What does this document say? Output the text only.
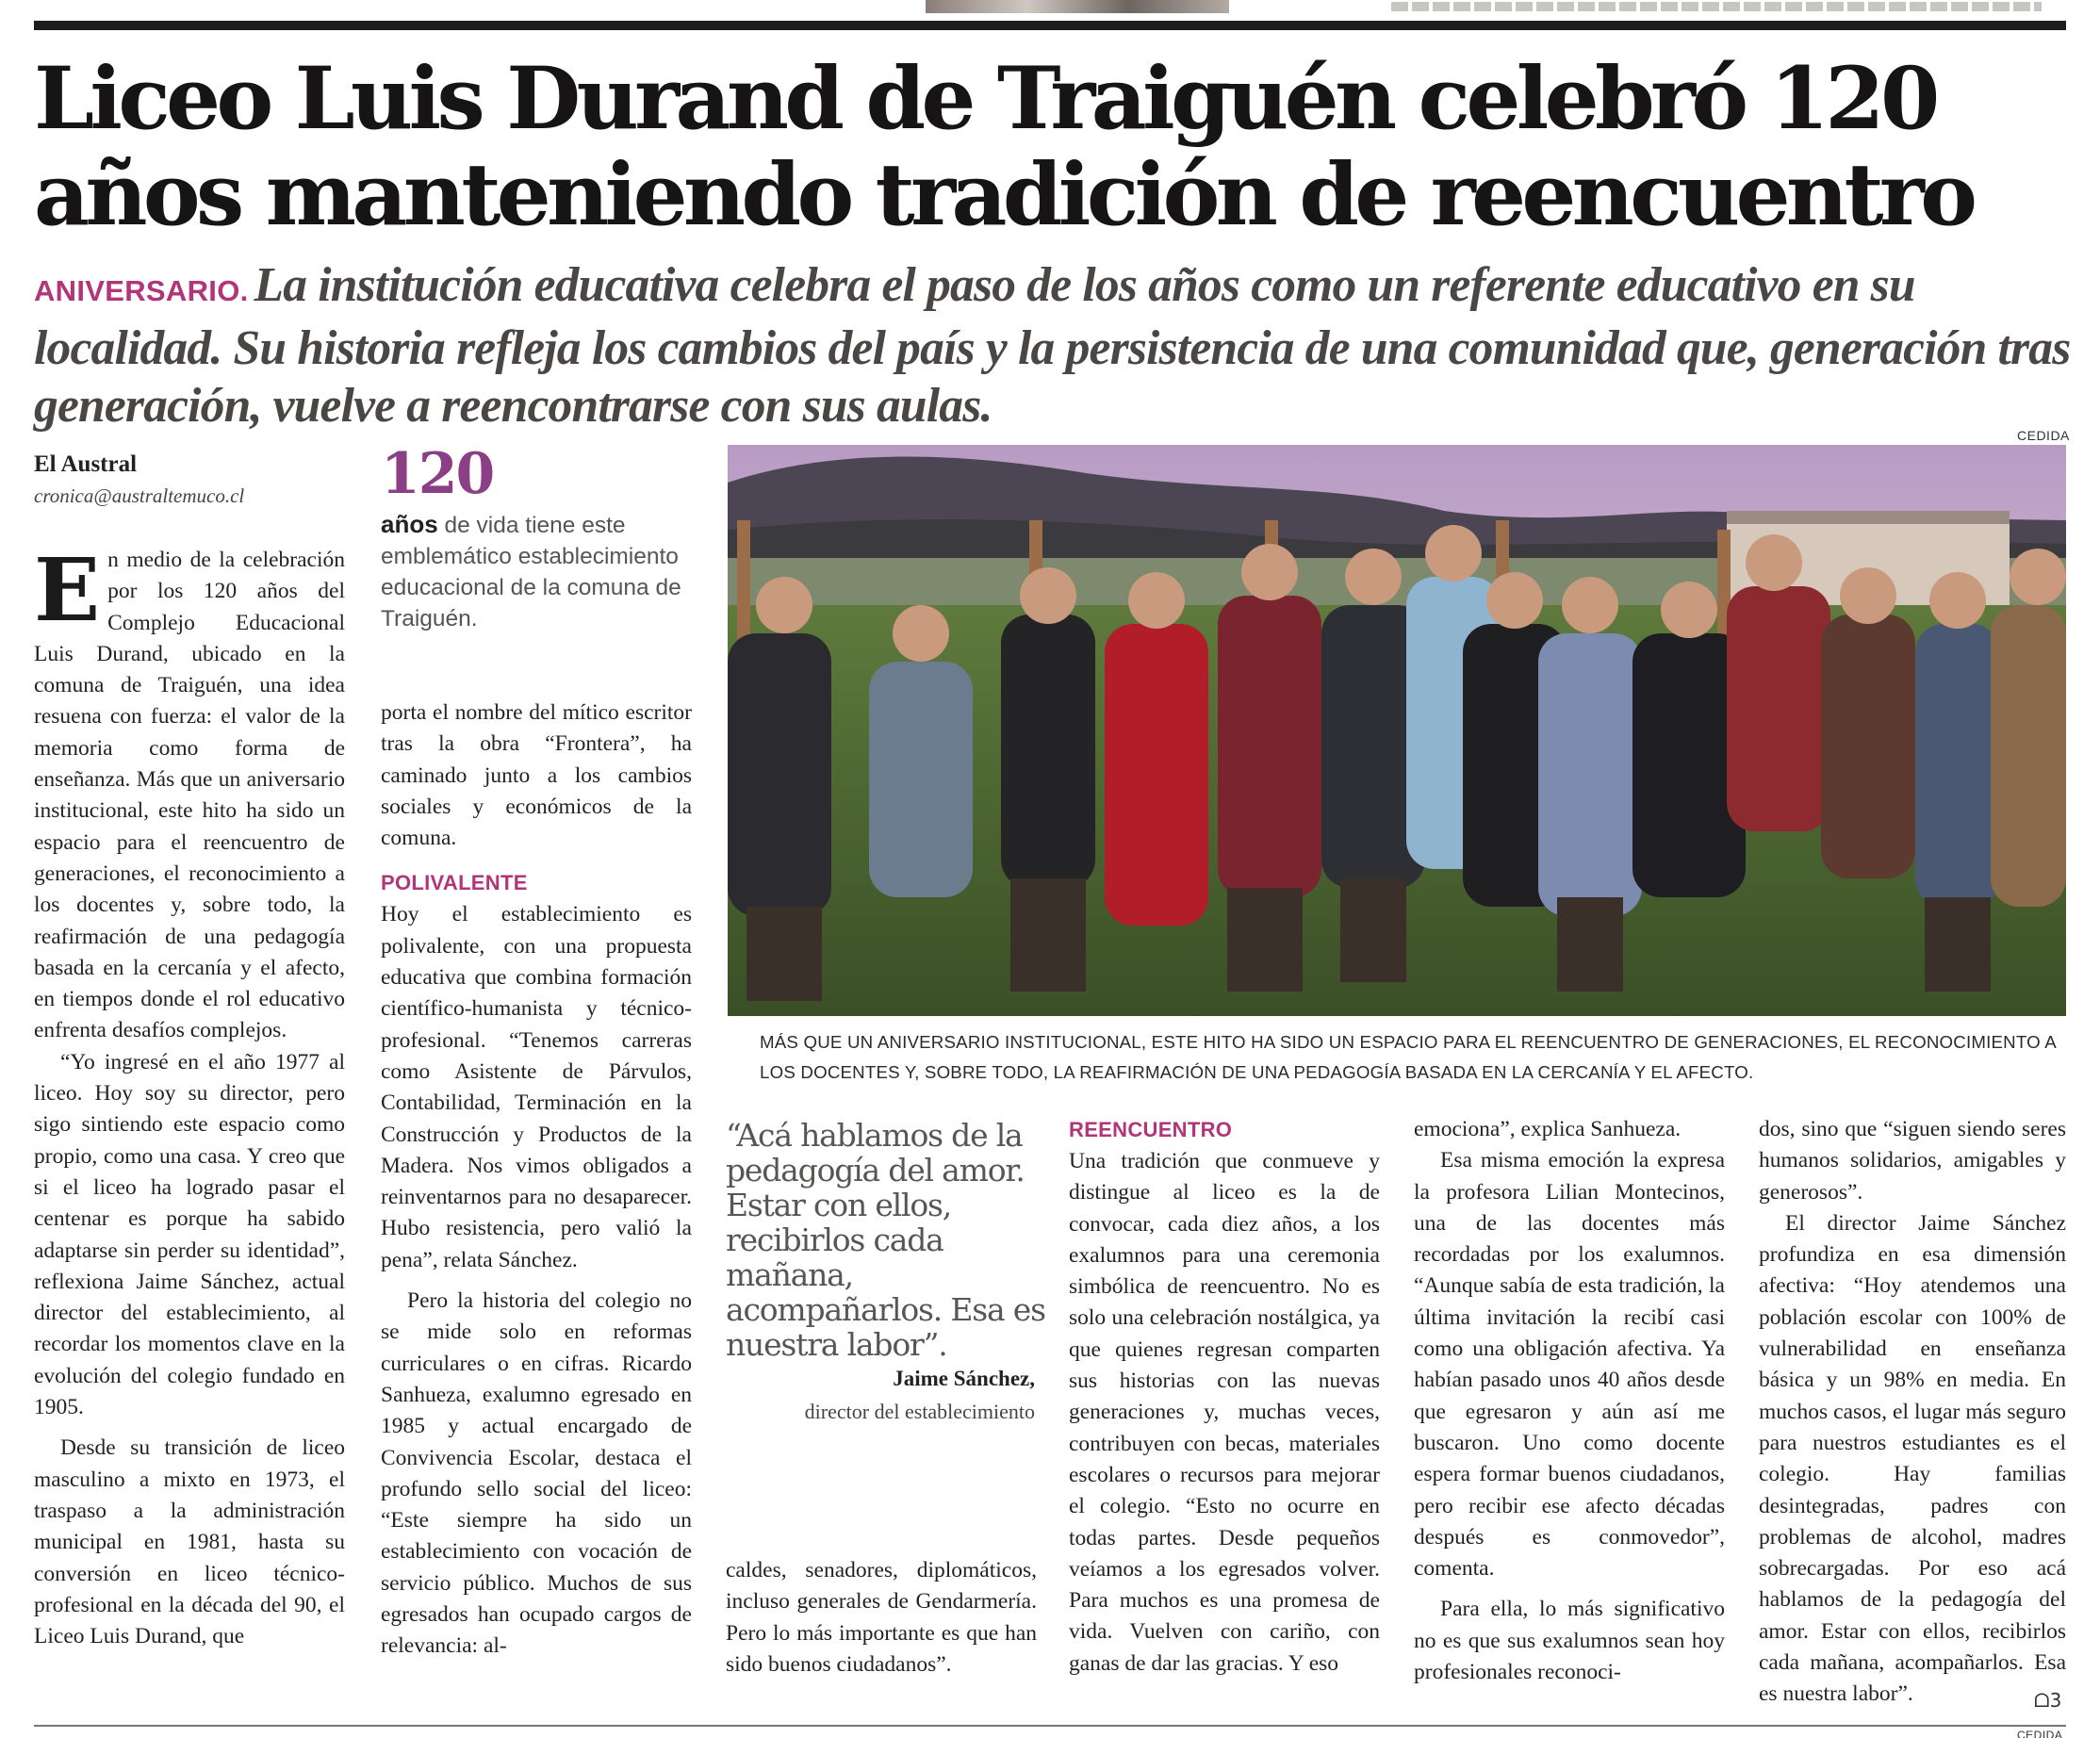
Liceo Luis Durand de Traiguén celebró 120 años manteniendo tradición de reencuentro
ANIVERSARIO. La institución educativa celebra el paso de los años como un referente educativo en su localidad. Su historia refleja los cambios del país y la persistencia de una comunidad que, generación tras generación, vuelve a reencontrarse con sus aulas.
El Austral
cronica@australtemuco.cl

En medio de la celebración por los 120 años del Complejo Educacional Luis Durand, ubicado en la comuna de Traiguén, una idea resuena con fuerza: el valor de la memoria como forma de enseñanza. Más que un aniversario institucional, este hito ha sido un espacio para el reencuentro de generaciones, el reconocimiento a los docentes y, sobre todo, la reafirmación de una pedagogía basada en la cercanía y el afecto, en tiempos donde el rol educativo enfrenta desafíos complejos.

“Yo ingresé en el año 1977 al liceo. Hoy soy su director, pero sigo sintiendo este espacio como propio, como una casa. Y creo que si el liceo ha logrado pasar el centenar es porque ha sabido adaptarse sin perder su identidad”, reflexiona Jaime Sánchez, actual director del establecimiento, al recordar los momentos clave en la evolución del colegio fundado en 1905.

Desde su transición de liceo masculino a mixto en 1973, el traspaso a la administración municipal en 1981, hasta su conversión en liceo técnico-profesional en la década del 90, el Liceo Luis Durand, que

120
años de vida tiene este emblemático establecimiento educacional de la comuna de Traiguén.

porta el nombre del mítico escritor tras la obra “Frontera”, ha caminado junto a los cambios sociales y económicos de la comuna.

POLIVALENTE

Hoy el establecimiento es polivalente, con una propuesta educativa que combina formación científico-humanista y técnico-profesional. “Tenemos carreras como Asistente de Párvulos, Contabilidad, Terminación en la Construcción y Productos de la Madera. Nos vimos obligados a reinventarnos para no desaparecer. Hubo resistencia, pero valió la pena”, relata Sánchez.

Pero la historia del colegio no se mide solo en reformas curriculares o en cifras. Ricardo Sanhueza, exalumno egresado en 1985 y actual encargado de Convivencia Escolar, destaca el profundo sello social del liceo: “Este siempre ha sido un establecimiento con vocación de servicio público. Muchos de sus egresados han ocupado cargos de relevancia: al-

CEDIDA
MÁS QUE UN ANIVERSARIO INSTITUCIONAL, ESTE HITO HA SIDO UN ESPACIO PARA EL REENCUENTRO DE GENERACIONES, EL RECONOCIMIENTO A LOS DOCENTES Y, SOBRE TODO, LA REAFIRMACIÓN DE UNA PEDAGOGÍA BASADA EN LA CERCANÍA Y EL AFECTO.
“Acá hablamos de la pedagogía del amor. Estar con ellos, recibirlos cada mañana, acompañarlos. Esa es nuestra labor”.
Jaime Sánchez,
director del establecimiento

caldes, senadores, diplomáticos, incluso generales de Gendarmería. Pero lo más importante es que han sido buenos ciudadanos”.

REENCUENTRO

Una tradición que conmueve y distingue al liceo es la de convocar, cada diez años, a los exalumnos para una ceremonia simbólica de reencuentro. No es solo una celebración nostálgica, ya que quienes regresan comparten sus historias con las nuevas generaciones y, muchas veces, contribuyen con becas, materiales escolares o recursos para mejorar el colegio. “Esto no ocurre en todas partes. Desde pequeños veíamos a los egresados volver. Para muchos es una promesa de vida. Vuelven con cariño, con ganas de dar las gracias. Y eso

emociona”, explica Sanhueza.

Esa misma emoción la expresa la profesora Lilian Montecinos, una de las docentes más recordadas por los exalumnos. “Aunque sabía de esta tradición, la última invitación la recibí casi como una obligación afectiva. Ya habían pasado unos 40 años desde que egresaron y aún así me buscaron. Uno como docente espera formar buenos ciudadanos, pero recibir ese afecto décadas después es conmovedor”, comenta.

Para ella, lo más significativo no es que sus exalumnos sean hoy profesionales reconoci-

dos, sino que “siguen siendo seres humanos solidarios, amigables y generosos”.

El director Jaime Sánchez profundiza en esa dimensión afectiva: “Hoy atendemos una población escolar con 100% de vulnerabilidad en enseñanza básica y un 98% en media. En muchos casos, el lugar más seguro para nuestros estudiantes es el colegio. Hay familias desintegradas, padres con problemas de alcohol, madres sobrecargadas. Por eso acá hablamos de la pedagogía del amor. Estar con ellos, recibirlos cada mañana, acompañarlos. Esa es nuestra labor”.	ᗝ3
CEDIDA
